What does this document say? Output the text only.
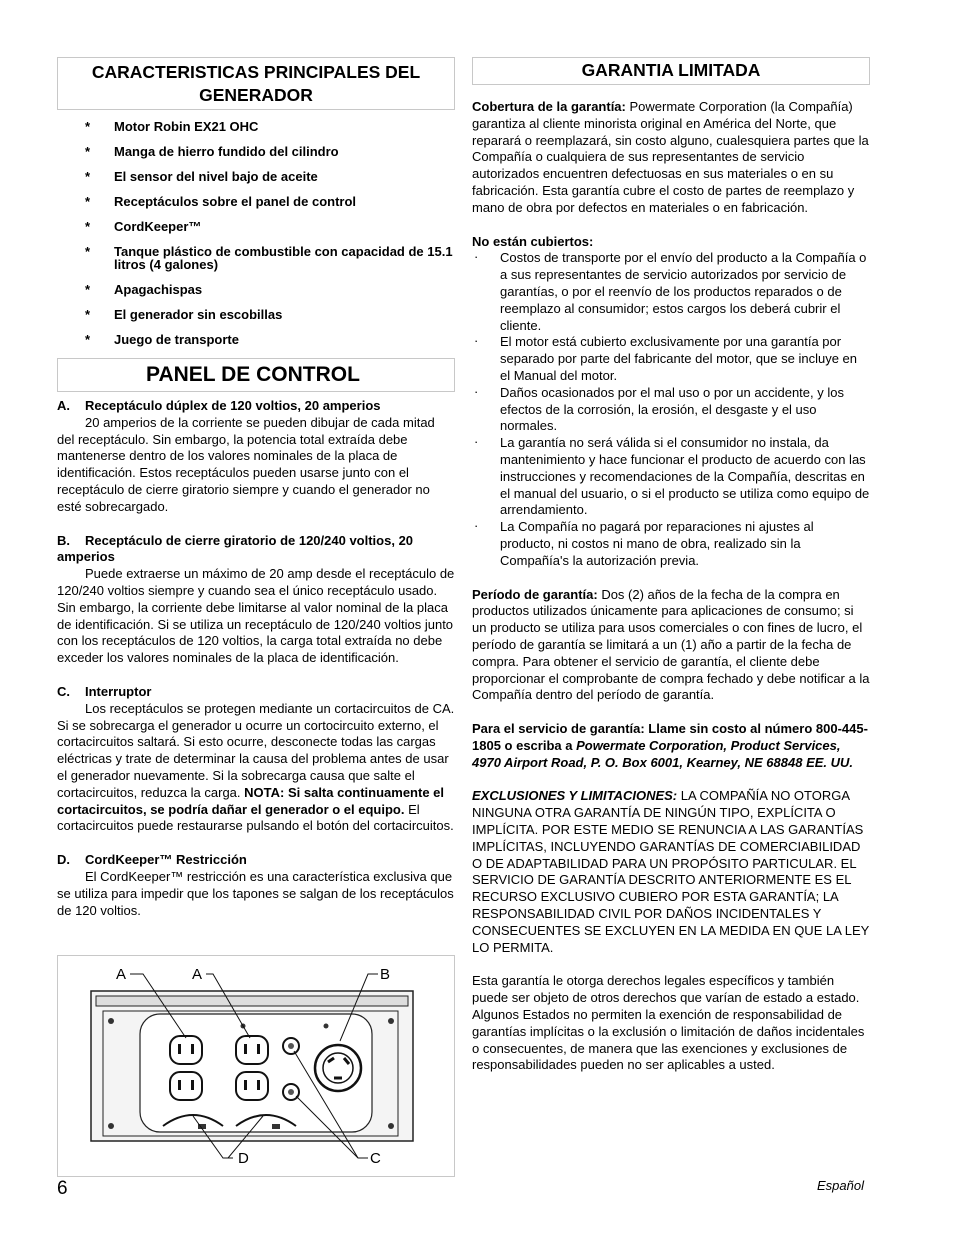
CARACTERISTICAS PRINCIPALES DEL GENERADOR
* Motor Robin EX21 OHC
* Manga de hierro fundido del cilindro
* El sensor del nivel bajo de aceite
* Receptáculos sobre el panel de control
* CordKeeper™
* Tanque plástico de combustible con capacidad de 15.1 litros (4 galones)
* Apagachispas
* El generador sin escobillas
* Juego de transporte
PANEL DE CONTROL
A. Receptáculo dúplex de 120 voltios, 20 amperios
20 amperios de la corriente se pueden dibujar de cada mitad del receptáculo. Sin embargo, la potencia total extraída debe mantenerse dentro de los valores nominales de la placa de identificación. Estos receptáculos pueden usarse junto con el receptáculo de cierre giratorio siempre y cuando el generador no esté sobrecargado.
B. Receptáculo de cierre giratorio de 120/240 voltios, 20 amperios
Puede extraerse un máximo de 20 amp desde el receptáculo de 120/240 voltios siempre y cuando sea el único receptáculo usado. Sin embargo, la corriente debe limitarse al valor nominal de la placa de identificación. Si se utiliza un receptáculo de 120/240 voltios junto con los receptáculos de 120 voltios, la carga total extraída no debe exceder los valores nominales de la placa de identificación.
C. Interruptor
Los receptáculos se protegen mediante un cortacircuitos de CA. Si se sobrecarga el generador u ocurre un cortocircuito externo, el cortacircuitos saltará. Si esto ocurre, desconecte todas las cargas eléctricas y trate de determinar la causa del problema antes de usar el generador nuevamente. Si la sobrecarga causa que salte el cortacircuitos, reduzca la carga. NOTA: Si salta continuamente el cortacircuitos, se podría dañar el generador o el equipo. El cortacircuitos puede restaurarse pulsando el botón del cortacircuitos.
D. CordKeeper™ Restricción
El CordKeeper™ restricción es una característica exclusiva que se utiliza para impedir que los tapones se salgan de los receptáculos de 120 voltios.
A	A	B
D	C
GARANTIA LIMITADA
Cobertura de la garantía: Powermate Corporation (la Compañía) garantiza al cliente minorista original en América del Norte, que reparará o reemplazará, sin costo alguno, cualesquiera partes que la Compañía o cualquiera de sus representantes de servicio autorizados encuentren defectuosas en sus materiales o en su fabricación. Esta garantía cubre el costo de partes de reemplazo y mano de obra por defectos en materiales o en fabricación.
No están cubiertos:
· Costos de transporte por el envío del producto a la Compañía o a sus representantes de servicio autorizados por servicio de garantías, o por el reenvío de los productos reparados o de reemplazo al consumidor; estos cargos los deberá cubrir el cliente.
· El motor está cubierto exclusivamente por una garantía por separado por parte del fabricante del motor, que se incluye en el Manual del motor.
· Daños ocasionados por el mal uso o por un accidente, y los efectos de la corrosión, la erosión, el desgaste y el uso normales.
· La garantía no será válida si el consumidor no instala, da mantenimiento y hace funcionar el producto de acuerdo con las instrucciones y recomendaciones de la Compañía, descritas en el manual del usuario, o si el producto se utiliza como equipo de arrendamiento.
· La Compañía no pagará por reparaciones ni ajustes al producto, ni costos ni mano de obra, realizado sin la Compañía's la autorización previa.
Período de garantía: Dos (2) años de la fecha de la compra en productos utilizados únicamente para aplicaciones de consumo; si un producto se utiliza para usos comerciales o con fines de lucro, el período de garantía se limitará a un (1) año a partir de la fecha de compra. Para obtener el servicio de garantía, el cliente debe proporcionar el comprobante de compra fechado y debe notificar a la Compañía dentro del período de garantía.
Para el servicio de garantía: Llame sin costo al número 800-445-1805 o escriba a Powermate Corporation, Product Services, 4970 Airport Road, P. O. Box 6001, Kearney, NE 68848 EE. UU.
EXCLUSIONES Y LIMITACIONES: LA COMPAÑÍA NO OTORGA NINGUNA OTRA GARANTÍA DE NINGÚN TIPO, EXPLÍCITA O IMPLÍCITA. POR ESTE MEDIO SE RENUNCIA A LAS GARANTÍAS IMPLÍCITAS, INCLUYENDO GARANTÍAS DE COMERCIABILIDAD O DE ADAPTABILIDAD PARA UN PROPÓSITO PARTICULAR. EL SERVICIO DE GARANTÍA DESCRITO ANTERIORMENTE ES EL RECURSO EXCLUSIVO CUBIERO POR ESTA GARANTÍA; LA RESPONSABILIDAD CIVIL POR DAÑOS INCIDENTALES Y CONSECUENTES SE EXCLUYEN EN LA MEDIDA EN QUE LA LEY LO PERMITA.
Esta garantía le otorga derechos legales específicos y también puede ser objeto de otros derechos que varían de estado a estado. Algunos Estados no permiten la exención de responsabilidad de garantías implícitas o la exclusión o limitación de daños incidentales o consecuentes, de manera que las exenciones y exclusiones de responsabilidades pueden no ser aplicables a usted.
6	Español
